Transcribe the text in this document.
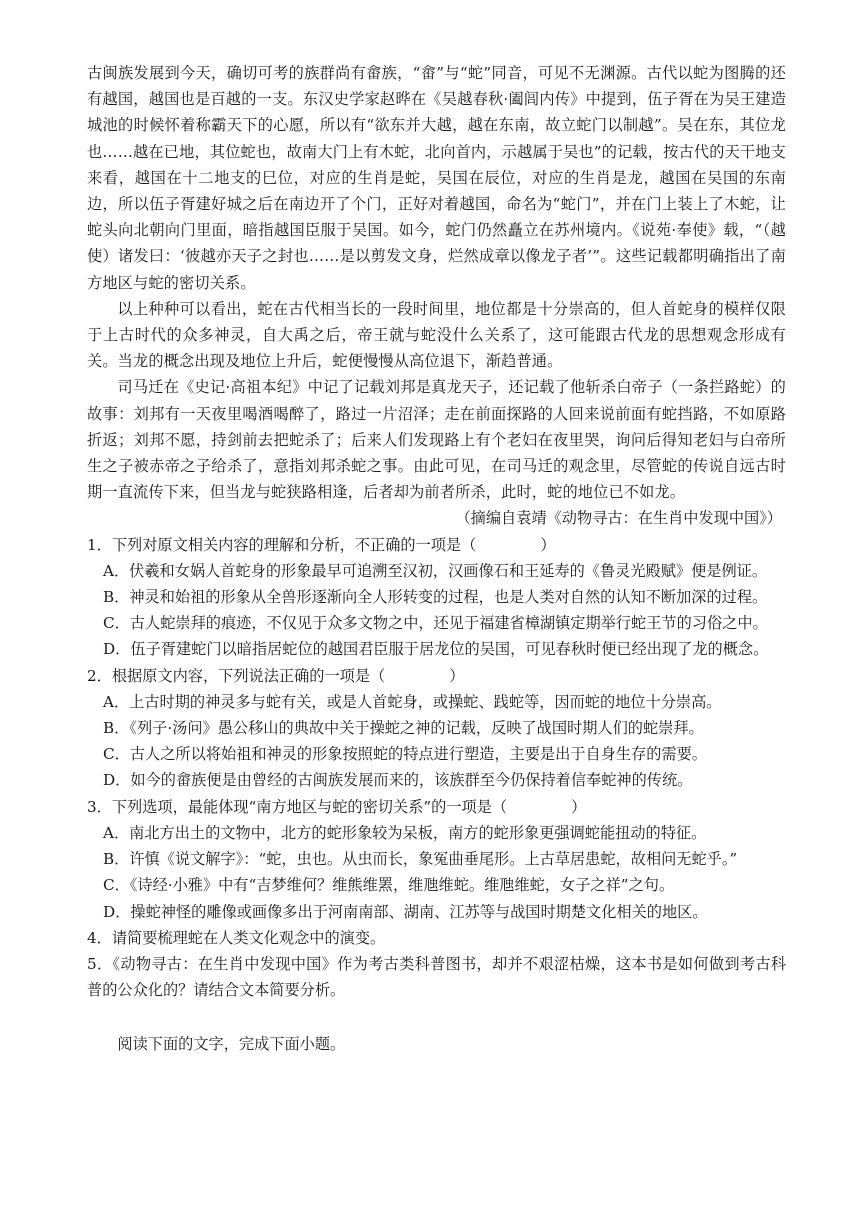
古闽族发展到今天，确切可考的族群尚有畲族，“畲”与“蛇”同音，可见不无渊源。古代以蛇为图腾的还有越国，越国也是百越的一支。东汉史学家赵晔在《吴越春秋·阖闾内传》中提到，伍子胥在为吴王建造城池的时候怀着称霸天下的心愿，所以有“欲东并大越，越在东南，故立蛇门以制越”。吴在东，其位龙也……越在已地，其位蛇也，故南大门上有木蛇，北向首内，示越属于吴也”的记载，按古代的天干地支来看，越国在十二地支的巳位，对应的生肖是蛇，吴国在辰位，对应的生肖是龙，越国在吴国的东南边，所以伍子胥建好城之后在南边开了个门，正好对着越国，命名为“蛇门”，并在门上装上了木蛇，让蛇头向北朝向门里面，暗指越国臣服于吴国。如今，蛇门仍然矗立在苏州境内。《说苑·奉使》载，“（越使）诸发曰：‘彼越亦天子之封也……是以剪发文身，烂然成章以像龙子者’”。这些记载都明确指出了南方地区与蛇的密切关系。

以上种种可以看出，蛇在古代相当长的一段时间里，地位都是十分崇高的，但人首蛇身的模样仅限于上古时代的众多神灵，自大禹之后，帝王就与蛇没什么关系了，这可能跟古代龙的思想观念形成有关。当龙的概念出现及地位上升后，蛇便慢慢从高位退下，渐趋普通。

司马迁在《史记·高祖本纪》中记了记载刘邦是真龙天子，还记载了他斩杀白帝子（一条拦路蛇）的故事：刘邦有一天夜里喝酒喝醉了，路过一片沼泽；走在前面探路的人回来说前面有蛇挡路，不如原路折返；刘邦不愿，持剑前去把蛇杀了；后来人们发现路上有个老妇在夜里哭，询问后得知老妇与白帝所生之子被赤帝之子给杀了，意指刘邦杀蛇之事。由此可见，在司马迁的观念里，尽管蛇的传说自远古时期一直流传下来，但当龙与蛇狭路相逢，后者却为前者所杀，此时，蛇的地位已不如龙。

（摘编自袁靖《动物寻古：在生肖中发现中国》）

1．下列对原文相关内容的理解和分析，不正确的一项是（	）

A．伏羲和女娲人首蛇身的形象最早可追溯至汉初，汉画像石和王延寿的《鲁灵光殿赋》便是例证。

B．神灵和始祖的形象从全兽形逐渐向全人形转变的过程，也是人类对自然的认知不断加深的过程。

C．古人蛇崇拜的痕迹，不仅见于众多文物之中，还见于福建省樟湖镇定期举行蛇王节的习俗之中。

D．伍子胥建蛇门以暗指居蛇位的越国君臣服于居龙位的吴国，可见春秋时便已经出现了龙的概念。

2．根据原文内容，下列说法正确的一项是（	）

A．上古时期的神灵多与蛇有关，或是人首蛇身，或操蛇、践蛇等，因而蛇的地位十分崇高。

B．《列子·汤问》愚公移山的典故中关于操蛇之神的记载，反映了战国时期人们的蛇崇拜。

C．古人之所以将始祖和神灵的形象按照蛇的特点进行塑造，主要是出于自身生存的需要。

D．如今的畲族便是由曾经的古闽族发展而来的，该族群至今仍保持着信奉蛇神的传统。

3．下列选项，最能体现“南方地区与蛇的密切关系”的一项是（	）

A．南北方出土的文物中，北方的蛇形象较为呆板，南方的蛇形象更强调蛇能扭动的特征。

B．许慎《说文解字》：“蛇，虫也。从虫而长，象冤曲垂尾形。上古草居患蛇，故相问无蛇乎。”

C．《诗经·小雅》中有“吉梦维何？维熊维罴，维虺维蛇。维虺维蛇，女子之祥”之句。

D．操蛇神怪的雕像或画像多出于河南南部、湖南、江苏等与战国时期楚文化相关的地区。

4．请简要梳理蛇在人类文化观念中的演变。

5．《动物寻古：在生肖中发现中国》作为考古类科普图书，却并不艰涩枯燥，这本书是如何做到考古科普的公众化的？请结合文本简要分析。

阅读下面的文字，完成下面小题。
